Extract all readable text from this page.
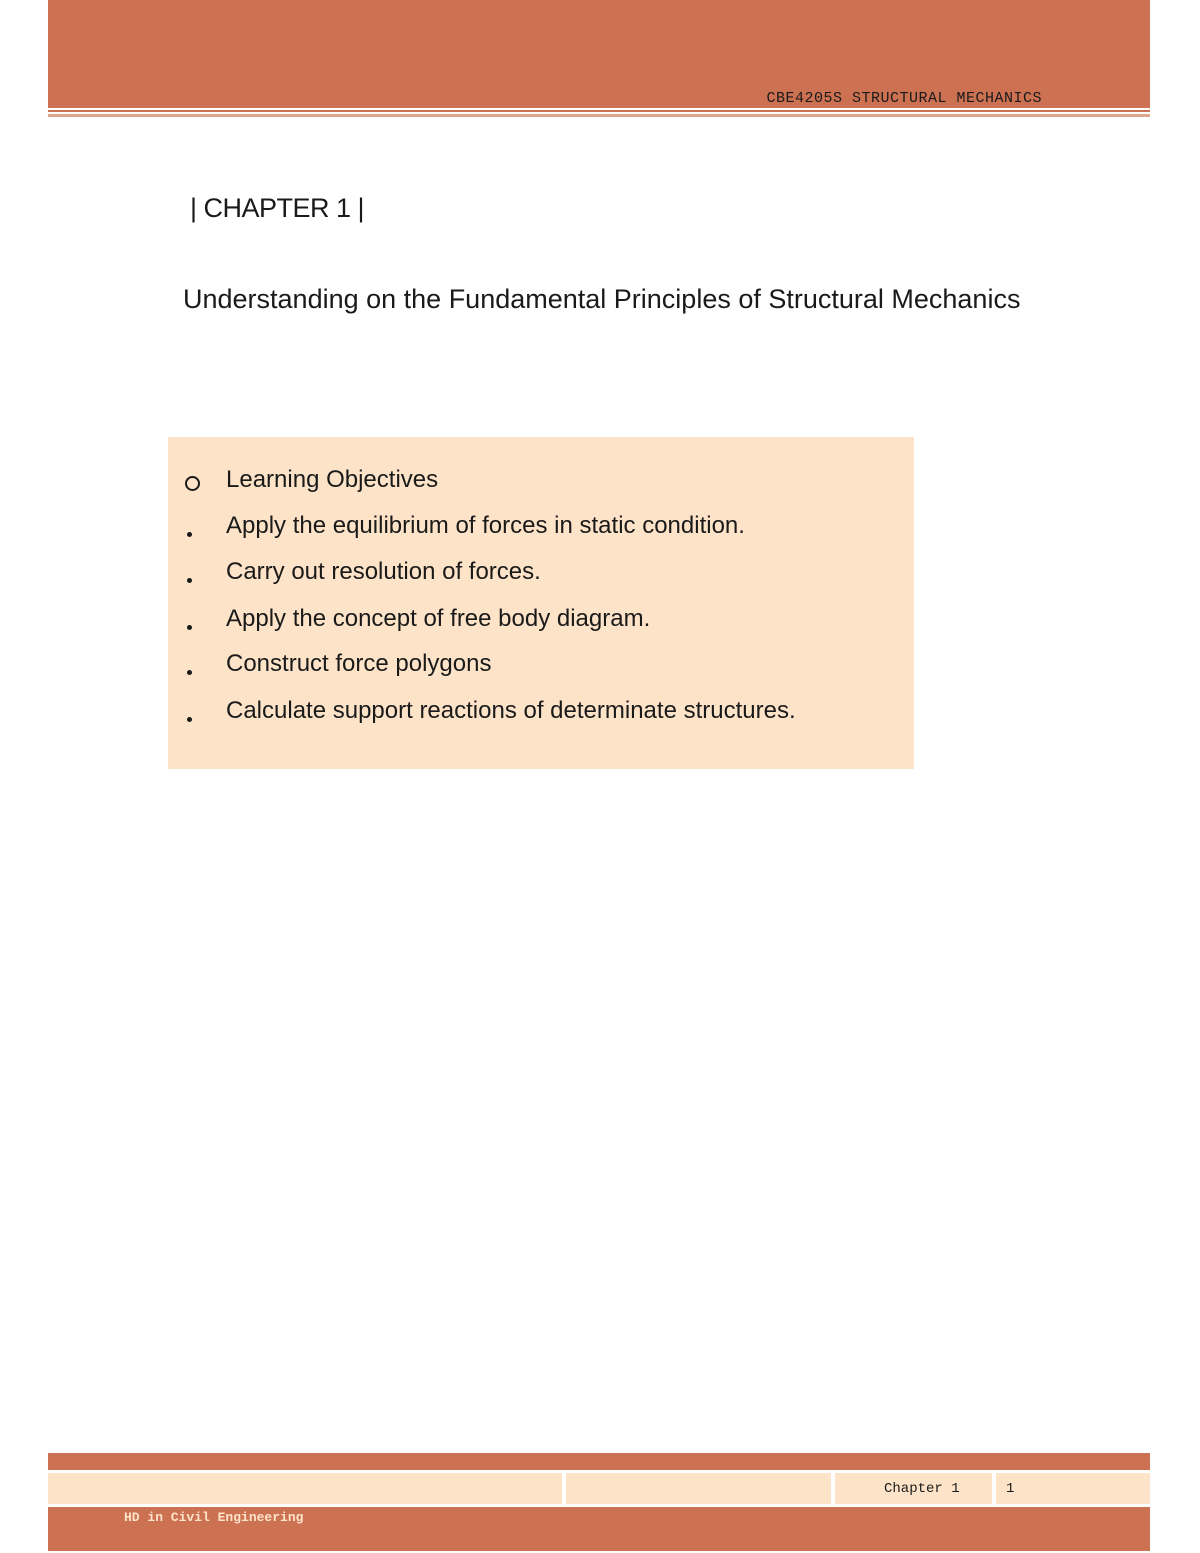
CBE4205S STRUCTURAL MECHANICS
| CHAPTER 1 |
Understanding on the Fundamental Principles of Structural Mechanics
Learning Objectives
Apply the equilibrium of forces in static condition.
Carry out resolution of forces.
Apply the concept of free body diagram.
Construct force polygons
Calculate support reactions of determinate structures.
Chapter 1	1
HD in Civil Engineering
